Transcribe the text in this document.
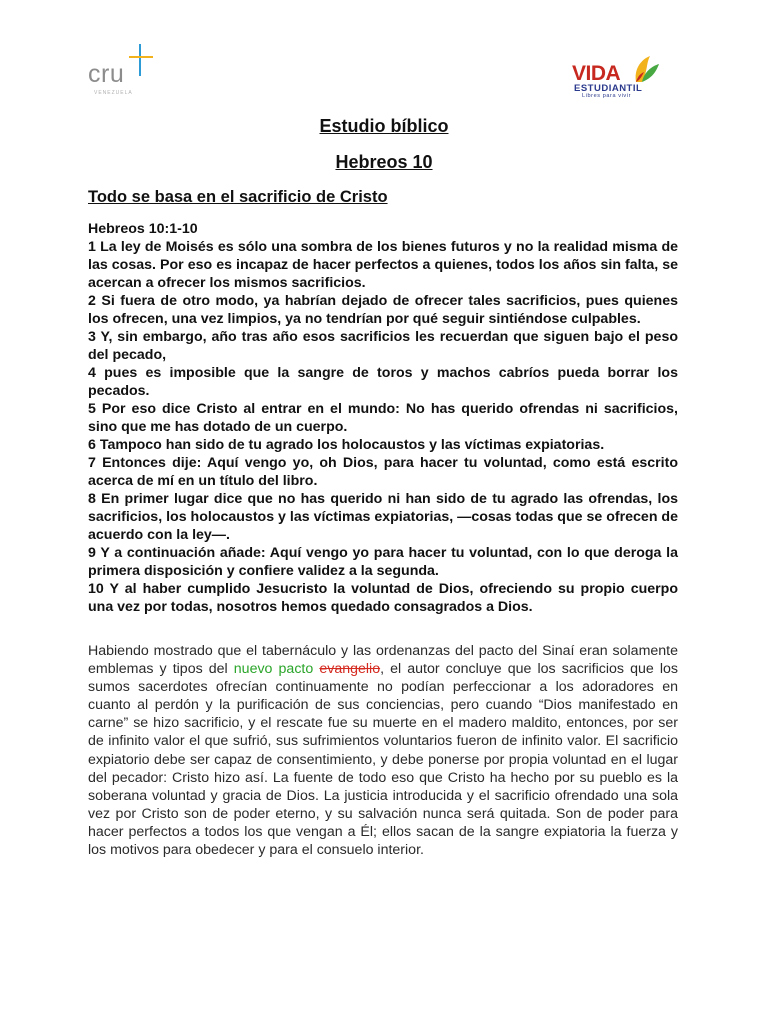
cru
VENEZUELA
VIDA
ESTUDIANTIL
Libres para vivir
Estudio bíblico
Hebreos 10
Todo se basa en el sacrificio de Cristo

Hebreos 10:1-10

1 La ley de Moisés es sólo una sombra de los bienes futuros y no la realidad misma de las cosas. Por eso es incapaz de hacer perfectos a quienes, todos los años sin falta, se acercan a ofrecer los mismos sacrificios.

2 Si fuera de otro modo, ya habrían dejado de ofrecer tales sacrificios, pues quienes los ofrecen, una vez limpios, ya no tendrían por qué seguir sintiéndose culpables.

3 Y, sin embargo, año tras año esos sacrificios les recuerdan que siguen bajo el peso del pecado,

4 pues es imposible que la sangre de toros y machos cabríos pueda borrar los pecados.

5 Por eso dice Cristo al entrar en el mundo: No has querido ofrendas ni sacrificios, sino que me has dotado de un cuerpo.

6 Tampoco han sido de tu agrado los holocaustos y las víctimas expiatorias.

7 Entonces dije: Aquí vengo yo, oh Dios, para hacer tu voluntad, como está escrito acerca de mí en un título del libro.

8 En primer lugar dice que no has querido ni han sido de tu agrado las ofrendas, los sacrificios, los holocaustos y las víctimas expiatorias, —cosas todas que se ofrecen de acuerdo con la ley—.

9 Y a continuación añade: Aquí vengo yo para hacer tu voluntad, con lo que deroga la primera disposición y confiere validez a la segunda.

10 Y al haber cumplido Jesucristo la voluntad de Dios, ofreciendo su propio cuerpo una vez por todas, nosotros hemos quedado consagrados a Dios.

Habiendo mostrado que el tabernáculo y las ordenanzas del pacto del Sinaí eran solamente emblemas y tipos del nuevo pacto evangelio, el autor concluye que los sacrificios que los sumos sacerdotes ofrecían continuamente no podían perfeccionar a los adoradores en cuanto al perdón y la purificación de sus conciencias, pero cuando “Dios manifestado en carne” se hizo sacrificio, y el rescate fue su muerte en el madero maldito, entonces, por ser de infinito valor el que sufrió, sus sufrimientos voluntarios fueron de infinito valor. El sacrificio expiatorio debe ser capaz de consentimiento, y debe ponerse por propia voluntad en el lugar del pecador: Cristo hizo así. La fuente de todo eso que Cristo ha hecho por su pueblo es la soberana voluntad y gracia de Dios. La justicia introducida y el sacrificio ofrendado una sola vez por Cristo son de poder eterno, y su salvación nunca será quitada. Son de poder para hacer perfectos a todos los que vengan a Él; ellos sacan de la sangre expiatoria la fuerza y los motivos para obedecer y para el consuelo interior.
